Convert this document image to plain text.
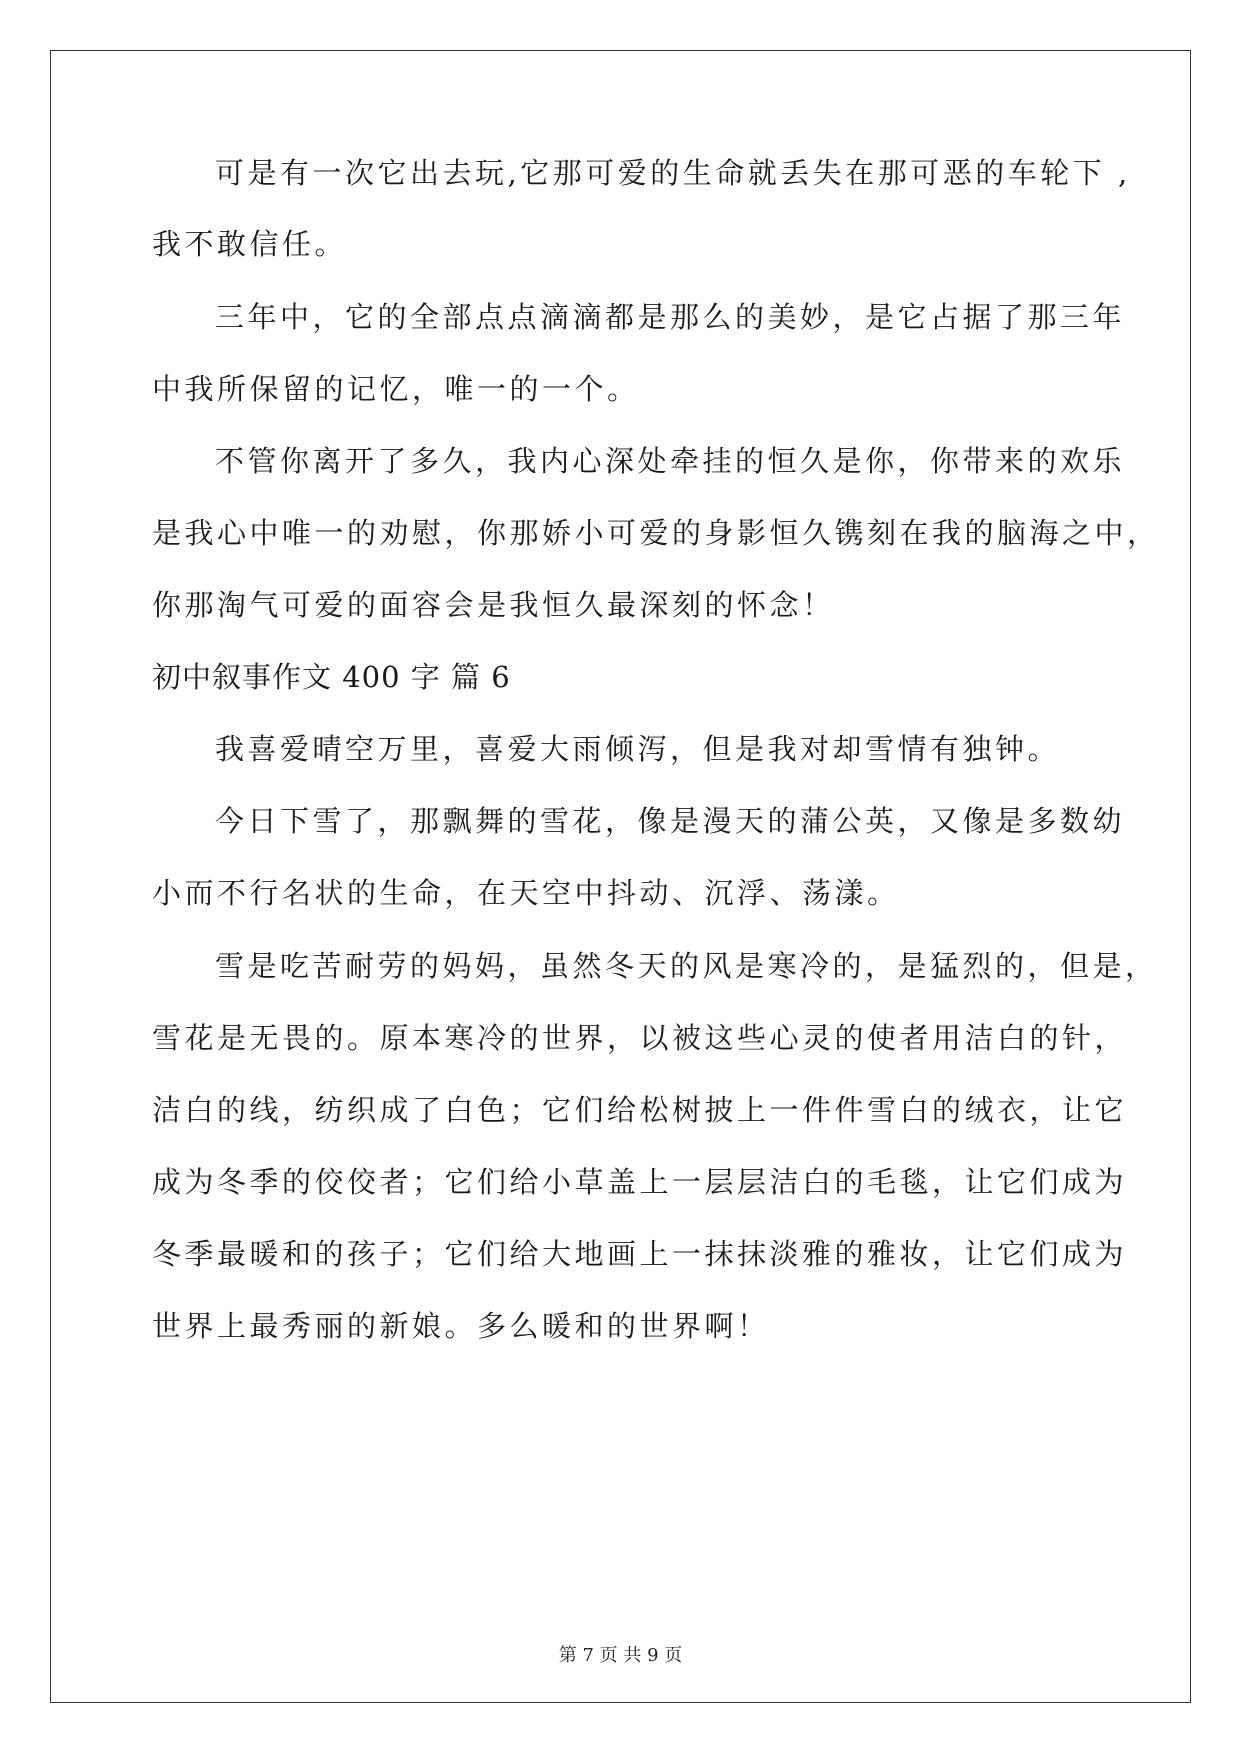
可是有一次它出去玩,它那可爱的生命就丢失在那可恶的车轮下 ,
我不敢信任。
三年中，它的全部点点滴滴都是那么的美妙，是它占据了那三年
中我所保留的记忆，唯一的一个。
不管你离开了多久，我内心深处牵挂的恒久是你，你带来的欢乐
是我心中唯一的劝慰，你那娇小可爱的身影恒久镌刻在我的脑海之中，
你那淘气可爱的面容会是我恒久最深刻的怀念！
初中叙事作文 400 字 篇 6
我喜爱晴空万里，喜爱大雨倾泻，但是我对却雪情有独钟。
今日下雪了，那飘舞的雪花，像是漫天的蒲公英，又像是多数幼
小而不行名状的生命，在天空中抖动、沉浮、荡漾。
雪是吃苦耐劳的妈妈，虽然冬天的风是寒冷的，是猛烈的，但是，
雪花是无畏的。原本寒冷的世界，以被这些心灵的使者用洁白的针，
洁白的线，纺织成了白色；它们给松树披上一件件雪白的绒衣，让它
成为冬季的佼佼者；它们给小草盖上一层层洁白的毛毯，让它们成为
冬季最暖和的孩子；它们给大地画上一抹抹淡雅的雅妆，让它们成为
世界上最秀丽的新娘。多么暖和的世界啊！
第 7 页 共 9 页
